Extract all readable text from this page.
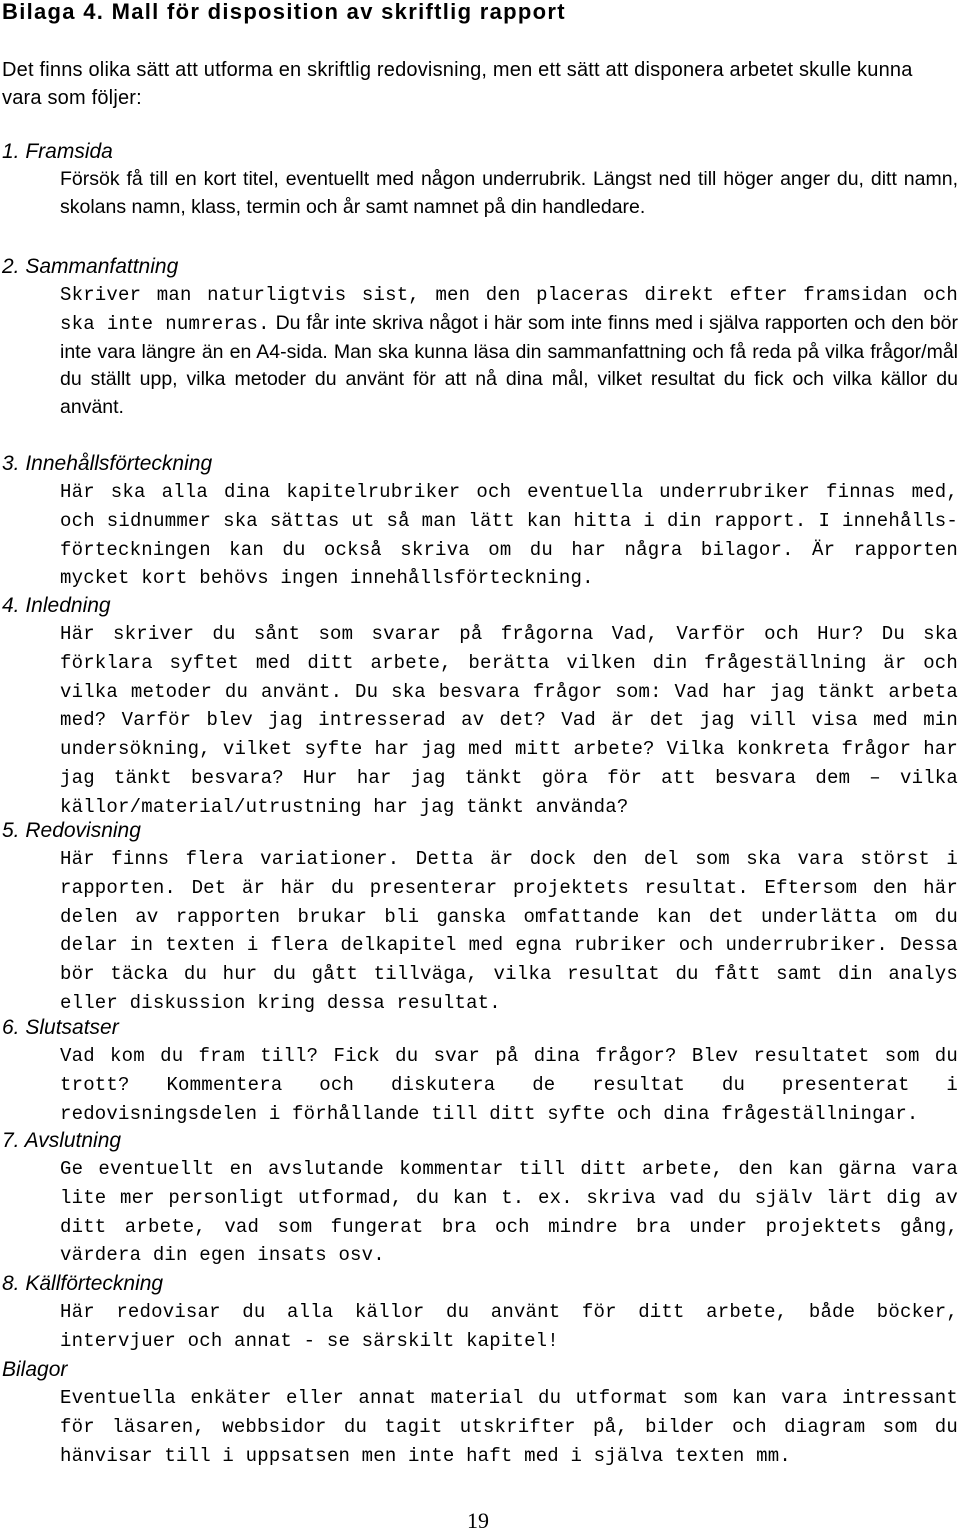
Bilaga 4. Mall för disposition av skriftlig rapport
Det finns olika sätt att utforma en skriftlig redovisning, men ett sätt att disponera arbetet skulle kunna vara som följer:
1. Framsida
Försök få till en kort titel, eventuellt med någon underrubrik. Längst ned till höger anger du, ditt namn, skolans namn, klass, termin och år samt namnet på din handledare.
2. Sammanfattning
Skriver man naturligtvis sist, men den placeras direkt efter framsidan och ska inte numreras. Du får inte skriva något i här som inte finns med i själva rapporten och den bör inte vara längre än en A4-sida. Man ska kunna läsa din sammanfattning och få reda på vilka frågor/mål du ställt upp, vilka metoder du använt för att nå dina mål, vilket resultat du fick och vilka källor du använt.
3. Innehållsförteckning
Här ska alla dina kapitelrubriker och eventuella underrubriker finnas med, och sidnummer ska sättas ut så man lätt kan hitta i din rapport. I innehålls-förteckningen kan du också skriva om du har några bilagor. Är rapporten mycket kort behövs ingen innehållsförteckning.
4. Inledning
Här skriver du sånt som svarar på frågorna Vad, Varför och Hur? Du ska förklara syftet med ditt arbete, berätta vilken din frågeställning är och vilka metoder du använt. Du ska besvara frågor som: Vad har jag tänkt arbeta med? Varför blev jag intresserad av det? Vad är det jag vill visa med min undersökning, vilket syfte har jag med mitt arbete? Vilka konkreta frågor har jag tänkt besvara? Hur har jag tänkt göra för att besvara dem – vilka källor/material/utrustning har jag tänkt använda?
5. Redovisning
Här finns flera variationer. Detta är dock den del som ska vara störst i rapporten. Det är här du presenterar projektets resultat. Eftersom den här delen av rapporten brukar bli ganska omfattande kan det underlätta om du delar in texten i flera delkapitel med egna rubriker och underrubriker. Dessa bör täcka du hur du gått tillväga, vilka resultat du fått samt din analys eller diskussion kring dessa resultat.
6. Slutsatser
Vad kom du fram till? Fick du svar på dina frågor? Blev resultatet som du trott? Kommentera och diskutera de resultat du presenterat i redovisningsdelen i förhållande till ditt syfte och dina frågeställningar.
7. Avslutning
Ge eventuellt en avslutande kommentar till ditt arbete, den kan gärna vara lite mer personligt utformad, du kan t. ex. skriva vad du själv lärt dig av ditt arbete, vad som fungerat bra och mindre bra under projektets gång, värdera din egen insats osv.
8. Källförteckning
Här redovisar du alla källor du använt för ditt arbete, både böcker, intervjuer och annat - se särskilt kapitel!
Bilagor
Eventuella enkäter eller annat material du utformat som kan vara intressant för läsaren, webbsidor du tagit utskrifter på, bilder och diagram som du hänvisar till i uppsatsen men inte haft med i själva texten mm.
19
